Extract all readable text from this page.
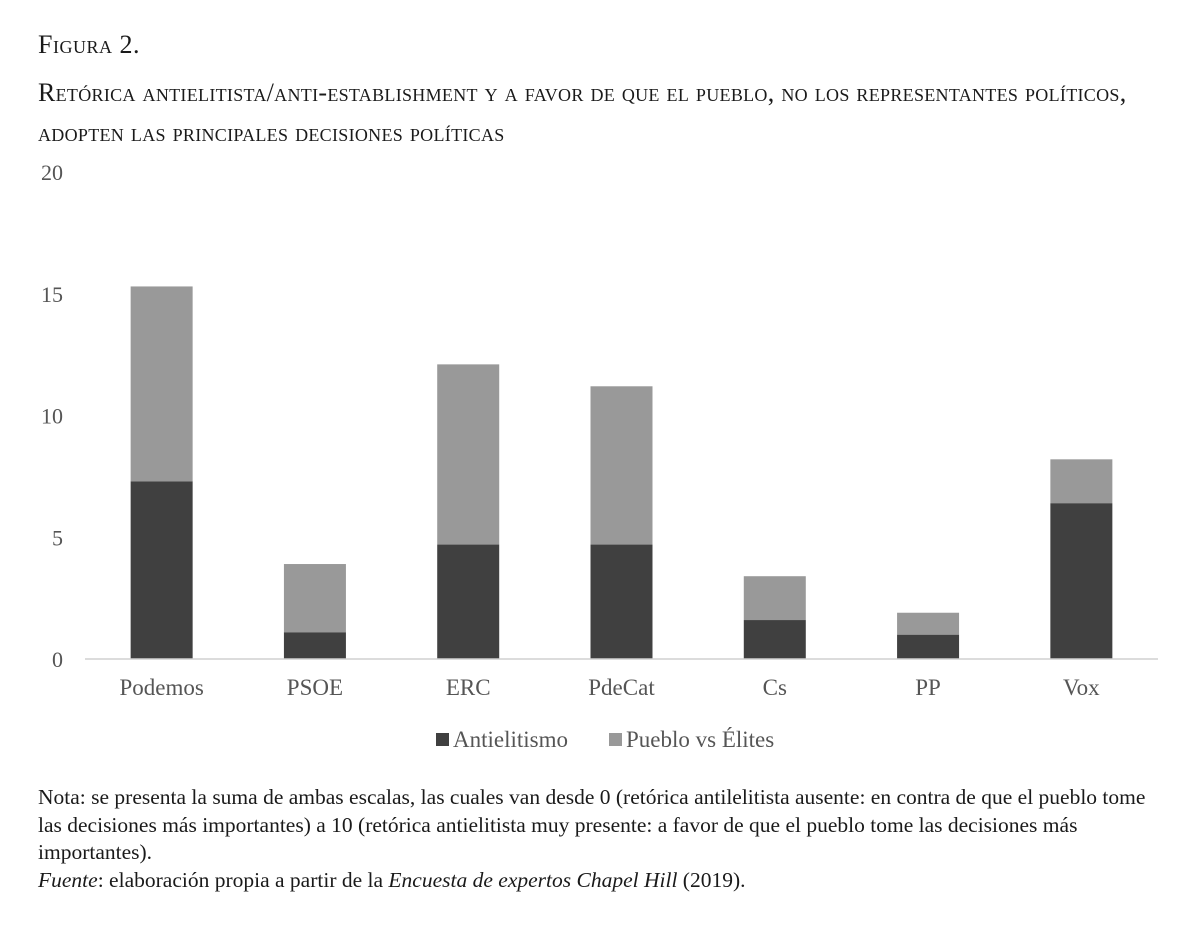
Figura 2.
Retórica antielitista/anti-establishment y a favor de que el pueblo, no los representantes políticos, adopten las principales decisiones políticas
0
5
10
15
20
Podemos	PSOE	ERC	PdeCat	Cs	PP	Vox
Antielitismo	Pueblo vs Élites

Nota: se presenta la suma de ambas escalas, las cuales van desde 0 (retórica antilelitista ausente: en contra de que el pueblo tome las decisiones más importantes) a 10 (retórica antielitista muy presente: a favor de que el pueblo tome las decisiones más importantes).

Fuente: elaboración propia a partir de la Encuesta de expertos Chapel Hill (2019).
